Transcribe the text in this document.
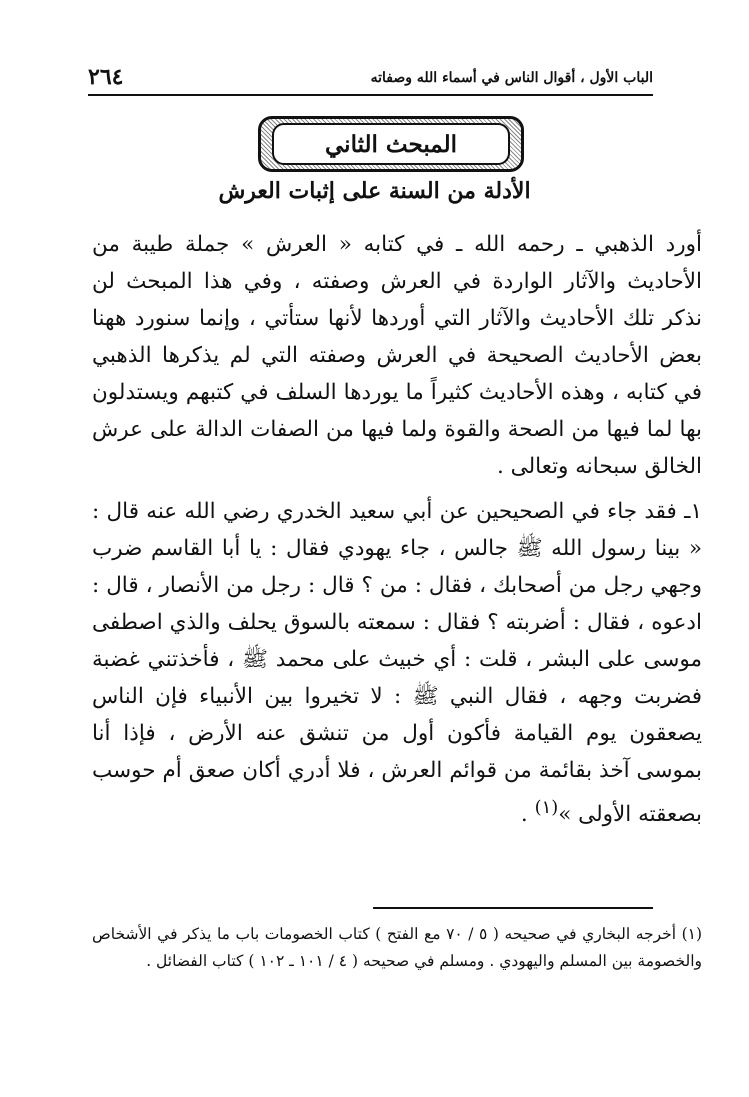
الباب الأول ، أقوال الناس في أسماء الله وصفاته
٢٦٤
المبحث الثاني
الأدلة من السنة على إثبات العرش

أورد الذهبي ـ رحمه الله ـ في كتابه « العرش » جملة طيبة من الأحاديث والآثار الواردة في العرش وصفته ، وفي هذا المبحث لن نذكر تلك الأحاديث والآثار التي أوردها لأنها ستأتي ، وإنما سنورد ههنا بعض الأحاديث الصحيحة في العرش وصفته التي لم يذكرها الذهبي في كتابه ، وهذه الأحاديث كثيراً ما يوردها السلف في كتبهم ويستدلون بها لما فيها من الصحة والقوة ولما فيها من الصفات الدالة على عرش الخالق سبحانه وتعالى .

١ـ فقد جاء في الصحيحين عن أبي سعيد الخدري رضي الله عنه قال : « بينا رسول الله ﷺ جالس ، جاء يهودي فقال : يا أبا القاسم ضرب وجهي رجل من أصحابك ، فقال : من ؟ قال : رجل من الأنصار ، قال : ادعوه ، فقال : أضربته ؟ فقال : سمعته بالسوق يحلف والذي اصطفى موسى على البشر ، قلت : أي خبيث على محمد ﷺ ، فأخذتني غضبة فضربت وجهه ، فقال النبي ﷺ : لا تخيروا بين الأنبياء فإن الناس يصعقون يوم القيامة فأكون أول من تنشق عنه الأرض ، فإذا أنا بموسى آخذ بقائمة من قوائم العرش ، فلا أدري أكان صعق أم حوسب بصعقته الأولى »$^{(١)}$ .

(١) أخرجه البخاري في صحيحه ( ٥ / ٧٠ مع الفتح ) كتاب الخصومات باب ما يذكر في الأشخاص والخصومة بين المسلم واليهودي . ومسلم في صحيحه ( ٤ / ١٠١ ـ ١٠٢ ) كتاب الفضائل .
